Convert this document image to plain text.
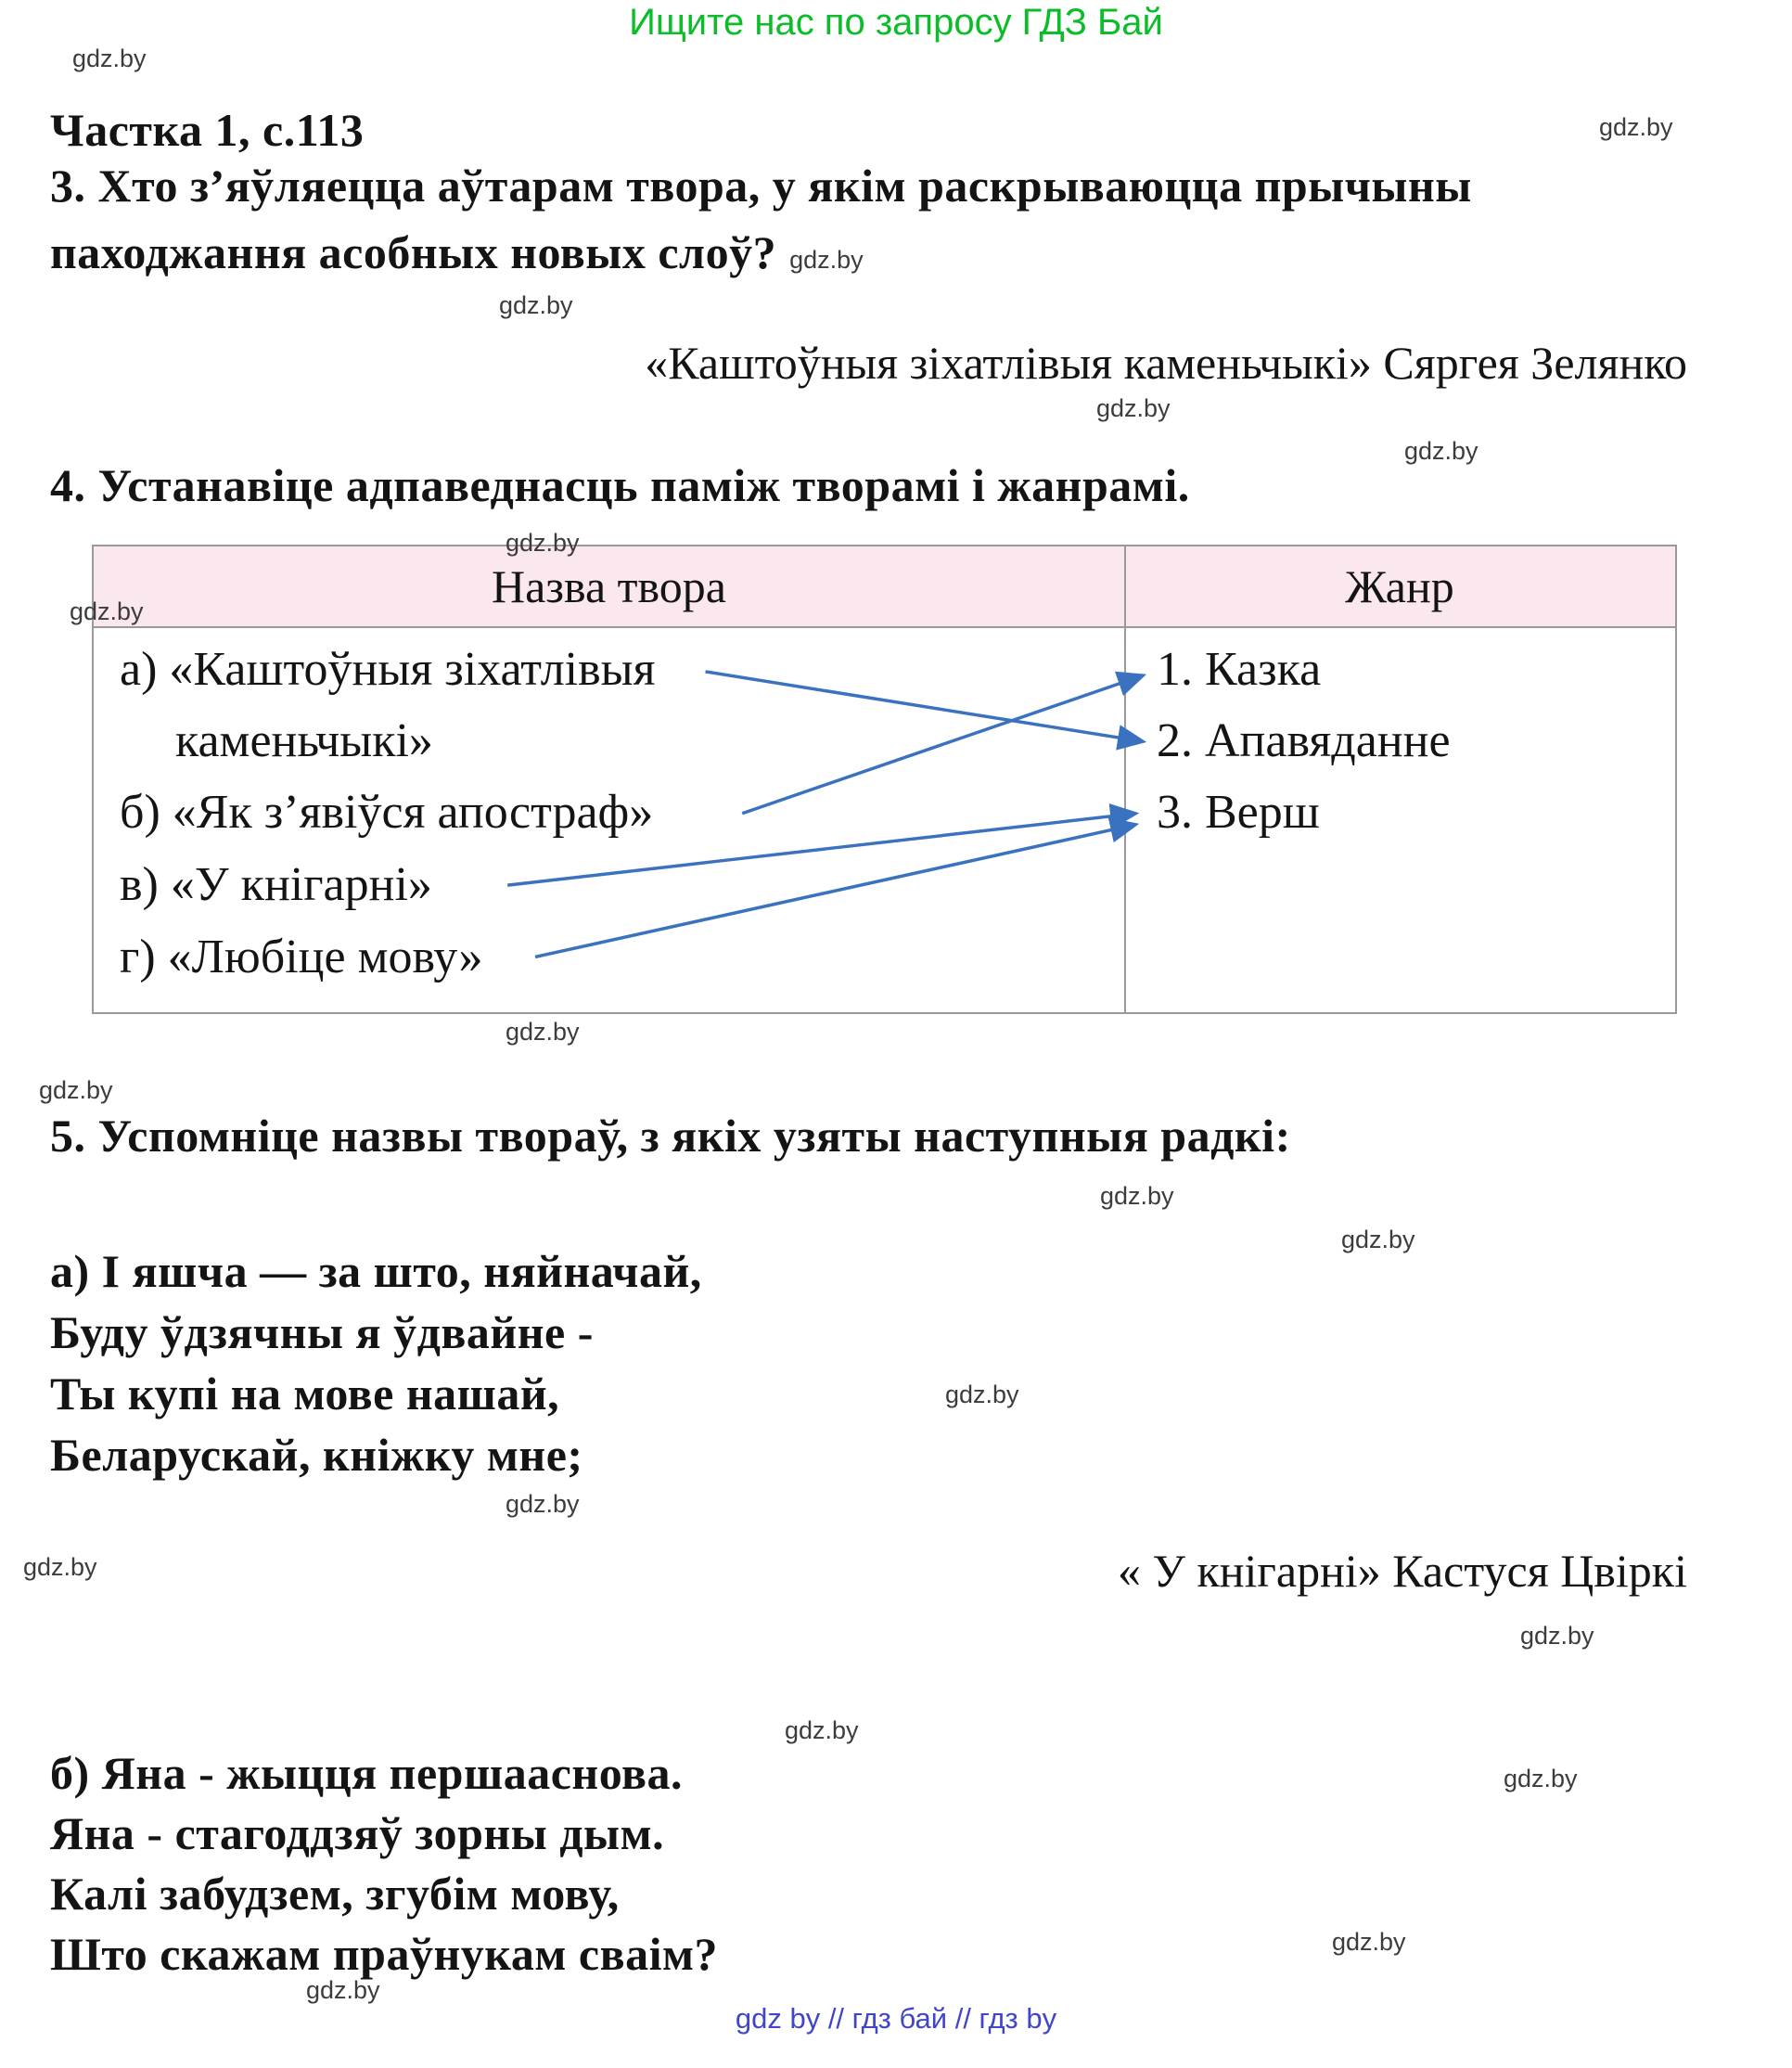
Ищите нас по запросу ГДЗ Бай
Частка 1, с.113
3. Хто з’яўляецца аўтарам твора, у якім раскрываюцца прычыны
паходжання асобных новых слоў? gdz.by
«Каштоўныя зіхатлівыя каменьчыкі» Сяргея Зелянко
4. Устанавіце адпаведнасць паміж творамі і жанрамі.
Назва твора	Жанр
а) «Каштоўныя зіхатлівыя
каменьчыкі»
б) «Як з’явіўся апостраф»
в) «У кнігарні»
г) «Любіце мову»
1. Казка
2. Апавяданне
3. Верш
5. Успомніце назвы твораў, з якіх узяты наступныя радкі:
а) І яшча — за што, няйначай,
Буду ўдзячны я ўдвайне -
Ты купі на мове нашай,
Беларускай, кніжку мне;
« У кнігарні» Кастуся Цвіркі
б) Яна - жыцця першааснова.
Яна - стагоддзяў зорны дым.
Калі забудзем, згубім мову,
Што скажам праўнукам сваім?
gdz.by
gdz.by
gdz.by
gdz.by
gdz.by
gdz.by
gdz.by
gdz.by
gdz.by
gdz.by
gdz.by
gdz.by
gdz.by
gdz.by
gdz.by
gdz.by
gdz.by
gdz.by
gdz.by
gdz by // гдз бай // гдз by
